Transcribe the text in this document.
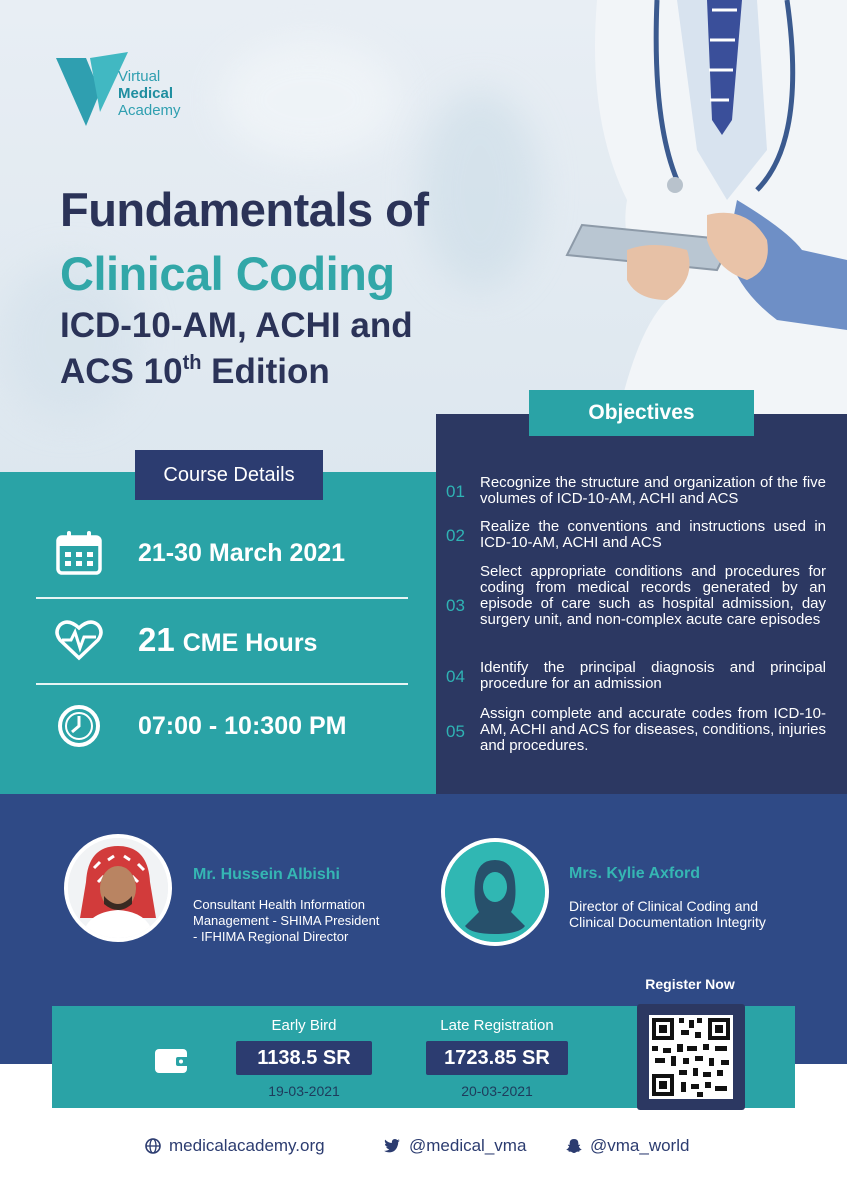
Virtual
Medical
Academy
Fundamentals of
Clinical Coding
ICD-10-AM, ACHI and
ACS 10th Edition
Course Details
21-30 March 2021
21 CME Hours
07:00 - 10:300 PM
Objectives
01	Recognize the structure and organization of the five volumes of ICD-10-AM, ACHI and ACS
02	Realize the conventions and instructions used in ICD-10-AM, ACHI and ACS
03
Select appropriate conditions and procedures for coding from medical records generated by an episode of care such as hospital admission, day surgery unit, and non-complex acute care episodes
04	Identify the principal diagnosis and principal procedure for an admission
05
Assign complete and accurate codes from ICD-10-AM, ACHI and ACS for diseases, conditions, injuries and procedures.
Mr. Hussein Albishi
Consultant Health Information
Management - SHIMA President
- IFHIMA Regional Director
Mrs. Kylie Axford
Director of Clinical Coding and
Clinical Documentation Integrity
Register Now
Early Bird
1138.5 SR
19-03-2021
Late Registration
1723.85 SR
20-03-2021
medicalacademy.org	@medical_vma	@vma_world
